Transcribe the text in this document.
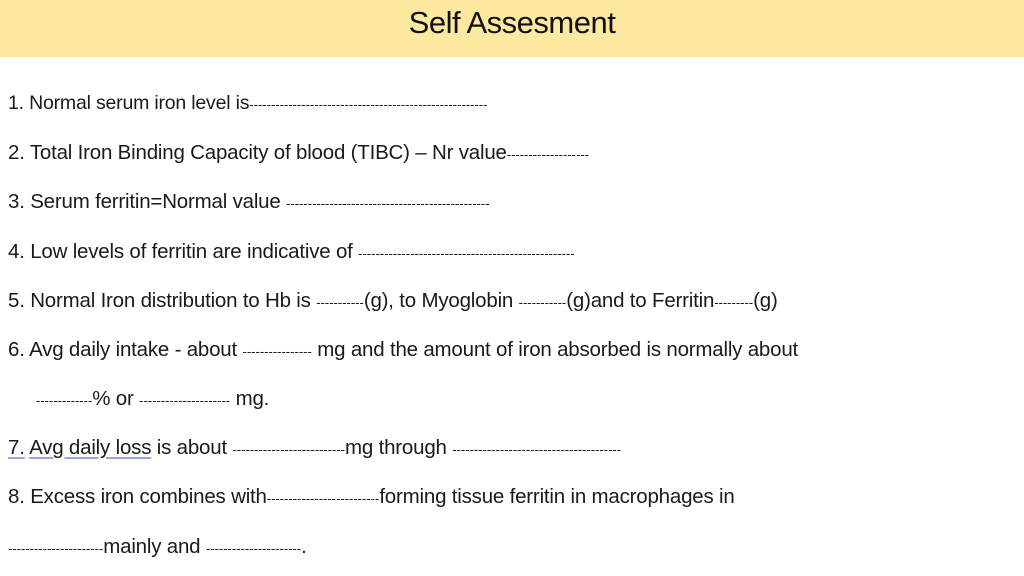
Self Assesment
1. Normal serum iron level is-------------------------------------------------------
2. Total Iron Binding Capacity of blood (TIBC) – Nr value-------------------
3. Serum ferritin=Normal value -----------------------------------------------
4. Low levels of ferritin are indicative of --------------------------------------------------
5. Normal Iron distribution to Hb is -----------(g), to Myoglobin -----------(g)and to Ferritin---------(g)
6. Avg daily intake - about ---------------- mg and the amount of iron absorbed is normally about
-------------% or --------------------- mg.
7. Avg daily loss is about --------------------------mg through ---------------------------------------
8. Excess iron combines with--------------------------forming tissue ferritin in macrophages in
----------------------mainly and ----------------------.
